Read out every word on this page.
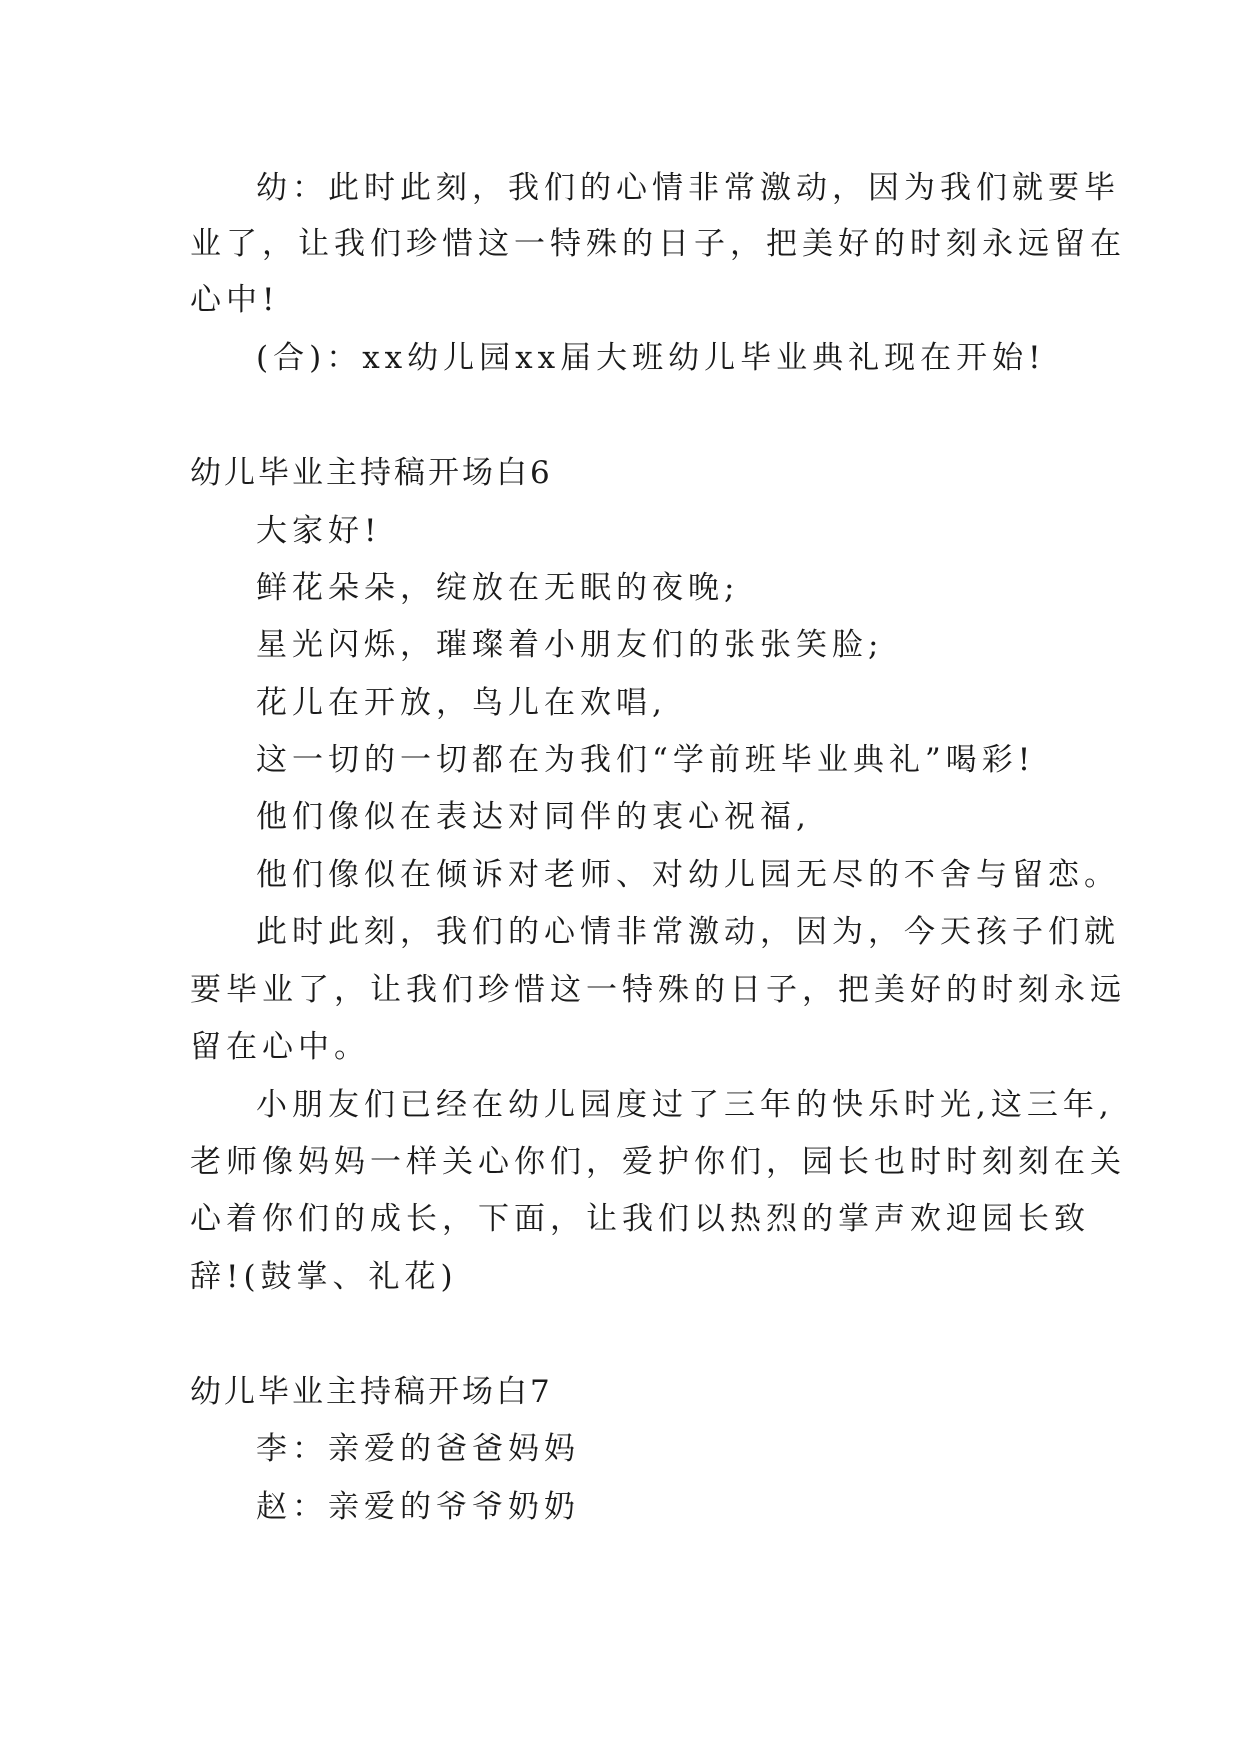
幼：此时此刻，我们的心情非常激动，因为我们就要毕
业了，让我们珍惜这一特殊的日子，把美好的时刻永远留在
心中!
(合)：xx幼儿园xx届大班幼儿毕业典礼现在开始!
幼儿毕业主持稿开场白6
大家好!
鲜花朵朵，绽放在无眠的夜晚;
星光闪烁，璀璨着小朋友们的张张笑脸;
花儿在开放，鸟儿在欢唱,
这一切的一切都在为我们“学前班毕业典礼”喝彩!
他们像似在表达对同伴的衷心祝福,
他们像似在倾诉对老师、对幼儿园无尽的不舍与留恋。
此时此刻，我们的心情非常激动，因为，今天孩子们就
要毕业了，让我们珍惜这一特殊的日子，把美好的时刻永远
留在心中。
小朋友们已经在幼儿园度过了三年的快乐时光,这三年,
老师像妈妈一样关心你们，爱护你们，园长也时时刻刻在关
心着你们的成长，下面，让我们以热烈的掌声欢迎园长致
辞!(鼓掌、礼花)
幼儿毕业主持稿开场白7
李：亲爱的爸爸妈妈
赵：亲爱的爷爷奶奶
